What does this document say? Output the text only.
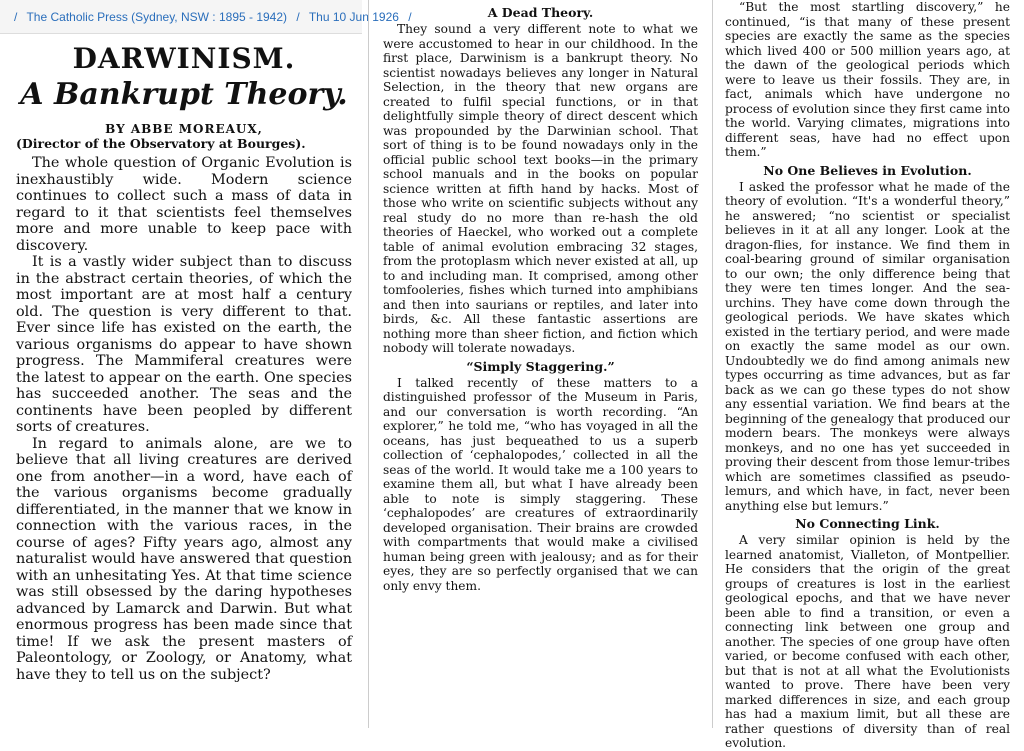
/ The Catholic Press (Sydney, NSW : 1895 - 1942) / Thu 10 Jun 1926 /
DARWINISM.
A Bankrupt Theory.
BY ABBE MOREAUX,
(Director of the Observatory at Bourges).

The whole question of Organic Evolution is inexhaustibly wide. Modern science continues to collect such a mass of data in regard to it that scientists feel themselves more and more unable to keep pace with discovery.

It is a vastly wider subject than to discuss in the abstract certain theories, of which the most important are at most half a century old. The question is very different to that. Ever since life has existed on the earth, the various organisms do appear to have shown progress. The Mammiferal creatures were the latest to appear on the earth. One species has succeeded another. The seas and the continents have been peopled by different sorts of creatures.

In regard to animals alone, are we to believe that all living creatures are derived one from another—in a word, have each of the various organisms become gradually differentiated, in the manner that we know in connection with the various races, in the course of ages? Fifty years ago, almost any naturalist would have answered that question with an unhesitating Yes. At that time science was still obsessed by the daring hypotheses advanced by Lamarck and Darwin. But what enormous progress has been made since that time! If we ask the present masters of Paleontology, or Zoology, or Anatomy, what have they to tell us on the subject?

A Dead Theory.

They sound a very different note to what we were accustomed to hear in our childhood. In the first place, Darwinism is a bankrupt theory. No scientist nowadays believes any longer in Natural Selection, in the theory that new organs are created to fulfil special functions, or in that delightfully simple theory of direct descent which was propounded by the Darwinian school. That sort of thing is to be found nowadays only in the official public school text books—in the primary school manuals and in the books on popular science written at fifth hand by hacks. Most of those who write on scientific subjects without any real study do no more than re-hash the old theories of Haeckel, who worked out a complete table of animal evolution embracing 32 stages, from the protoplasm which never existed at all, up to and including man. It comprised, among other tomfooleries, fishes which turned into amphibians and then into saurians or reptiles, and later into birds, &c. All these fantastic assertions are nothing more than sheer fiction, and fiction which nobody will tolerate nowadays.

“Simply Staggering.”

I talked recently of these matters to a distinguished professor of the Museum in Paris, and our conversation is worth recording. “An explorer,” he told me, “who has voyaged in all the oceans, has just bequeathed to us a superb collection of ‘cephalopodes,’ collected in all the seas of the world. It would take me a 100 years to examine them all, but what I have already been able to note is simply staggering. These ‘cephalopodes’ are creatures of extraordinarily developed organisation. Their brains are crowded with compartments that would make a civilised human being green with jealousy; and as for their eyes, they are so perfectly organised that we can only envy them.

“But the most startling discovery,” he continued, “is that many of these present species are exactly the same as the species which lived 400 or 500 million years ago, at the dawn of the geological periods which were to leave us their fossils. They are, in fact, animals which have undergone no process of evolution since they first came into the world. Varying climates, migrations into different seas, have had no effect upon them.”

No One Believes in Evolution.

I asked the professor what he made of the theory of evolution. “It's a wonderful theory,” he answered; “no scientist or specialist believes in it at all any longer. Look at the dragon-flies, for instance. We find them in coal-bearing ground of similar organisation to our own; the only difference being that they were ten times longer. And the sea-urchins. They have come down through the geological periods. We have skates which existed in the tertiary period, and were made on exactly the same model as our own. Undoubtedly we do find among animals new types occurring as time advances, but as far back as we can go these types do not show any essential variation. We find bears at the beginning of the genealogy that produced our modern bears. The monkeys were always monkeys, and no one has yet succeeded in proving their descent from those lemur-tribes which are sometimes classified as pseudo-lemurs, and which have, in fact, never been anything else but lemurs.”

No Connecting Link.

A very similar opinion is held by the learned anatomist, Vialleton, of Montpellier. He considers that the origin of the great groups of creatures is lost in the earliest geological epochs, and that we have never been able to find a transition, or even a connecting link between one group and another. The species of one group have often varied, or become confused with each other, but that is not at all what the Evolutionists wanted to prove. There have been very marked differences in size, and each group has had a maxium limit, but all these are rather questions of diversity than of real evolution.
